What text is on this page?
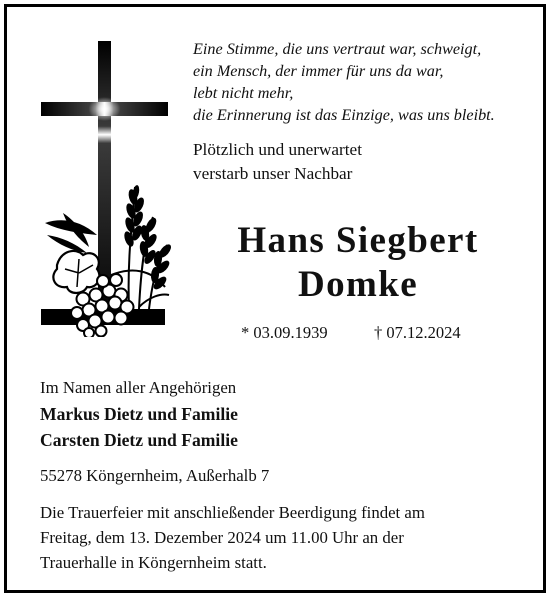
Eine Stimme, die uns vertraut war, schweigt,
ein Mensch, der immer für uns da war,
lebt nicht mehr,
die Erinnerung ist das Einzige, was uns bleibt.
Plötzlich und unerwartet
verstarb unser Nachbar
Hans Siegbert
Domke
* 03.09.1939	† 07.12.2024
Im Namen aller Angehörigen
Markus Dietz und Familie
Carsten Dietz und Familie
55278 Köngernheim, Außerhalb 7
Die Trauerfeier mit anschließender Beerdigung findet am
Freitag, dem 13. Dezember 2024 um 11.00 Uhr an der
Trauerhalle in Köngernheim statt.
